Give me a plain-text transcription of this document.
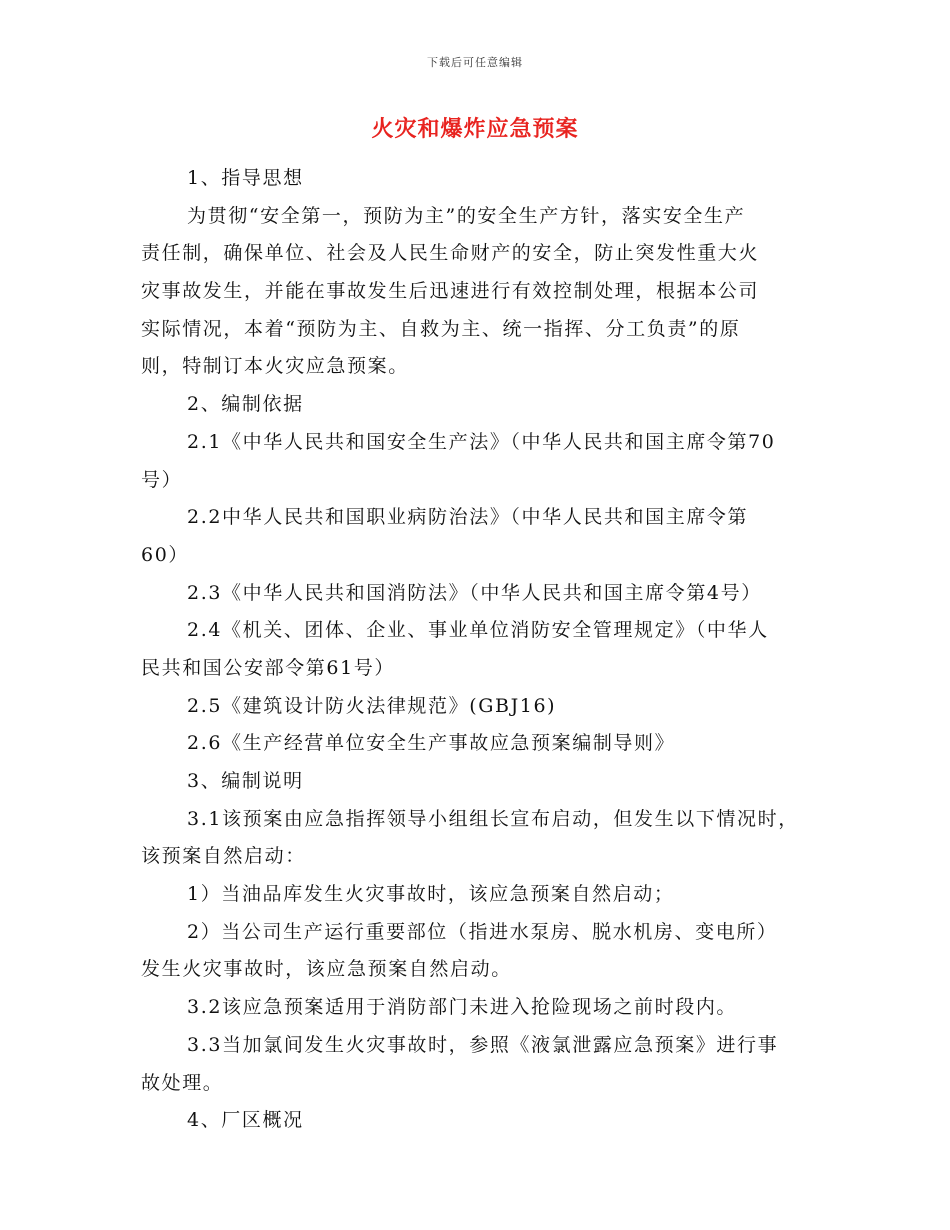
下载后可任意编辑
火灾和爆炸应急预案
1、指导思想
为贯彻“安全第一，预防为主”的安全生产方针，落实安全生产
责任制，确保单位、社会及人民生命财产的安全，防止突发性重大火
灾事故发生，并能在事故发生后迅速进行有效控制处理，根据本公司
实际情况，本着“预防为主、自救为主、统一指挥、分工负责”的原
则，特制订本火灾应急预案。
2、编制依据
2.1《中华人民共和国安全生产法》（中华人民共和国主席令第70
号）
2.2中华人民共和国职业病防治法》（中华人民共和国主席令第
60）
2.3《中华人民共和国消防法》（中华人民共和国主席令第4号）
2.4《机关、团体、企业、事业单位消防安全管理规定》（中华人
民共和国公安部令第61号）
2.5《建筑设计防火法律规范》(GBJ16)
2.6《生产经营单位安全生产事故应急预案编制导则》
3、编制说明
3.1该预案由应急指挥领导小组组长宣布启动，但发生以下情况时，
该预案自然启动：
1）当油品库发生火灾事故时，该应急预案自然启动；
2）当公司生产运行重要部位（指进水泵房、脱水机房、变电所）
发生火灾事故时，该应急预案自然启动。
3.2该应急预案适用于消防部门未进入抢险现场之前时段内。
3.3当加氯间发生火灾事故时，参照《液氯泄露应急预案》进行事
故处理。
4、厂区概况
